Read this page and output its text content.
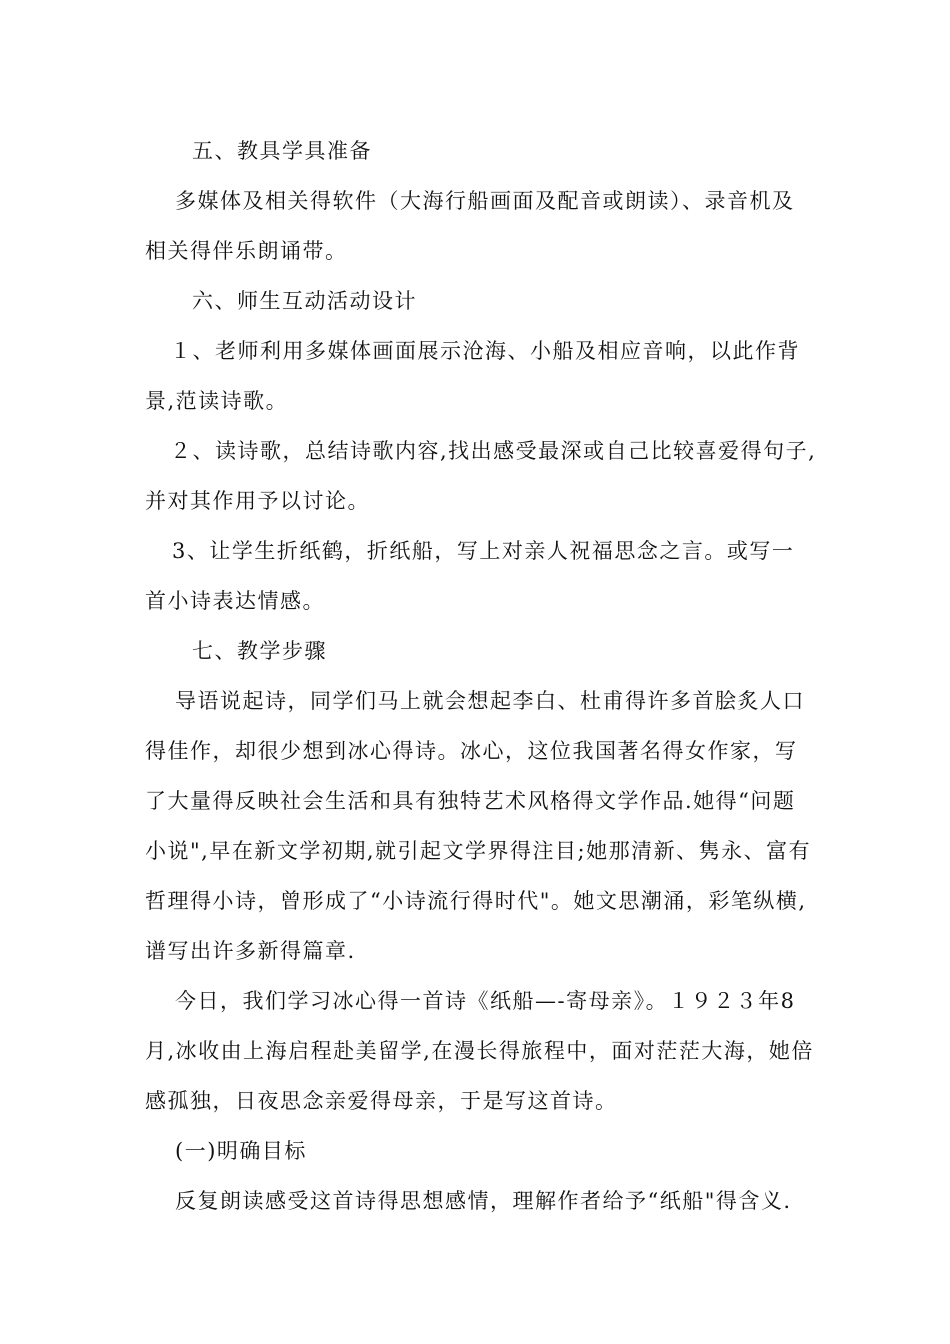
五、教具学具准备
多媒体及相关得软件（大海行船画面及配音或朗读）、录音机及
相关得伴乐朗诵带。
六、师生互动活动设计
１、老师利用多媒体画面展示沧海、小船及相应音响，以此作背
景,范读诗歌。
２、读诗歌，总结诗歌内容,找出感受最深或自己比较喜爱得句子,
并对其作用予以讨论。
3、让学生折纸鹤，折纸船，写上对亲人祝福思念之言。或写一
首小诗表达情感。
七、教学步骤
导语说起诗，同学们马上就会想起李白、杜甫得许多首脍炙人口
得佳作，却很少想到冰心得诗。冰心，这位我国著名得女作家，写
了大量得反映社会生活和具有独特艺术风格得文学作品.她得“问题
小说",早在新文学初期,就引起文学界得注目;她那清新、隽永、富有
哲理得小诗，曾形成了“小诗流行得时代"。她文思潮涌，彩笔纵横,
谱写出许多新得篇章.
今日，我们学习冰心得一首诗《纸船—-寄母亲》。１９２３年8
月,冰收由上海启程赴美留学,在漫长得旅程中，面对茫茫大海，她倍
感孤独，日夜思念亲爱得母亲，于是写这首诗。
(一)明确目标
反复朗读感受这首诗得思想感情，理解作者给予“纸船"得含义.
